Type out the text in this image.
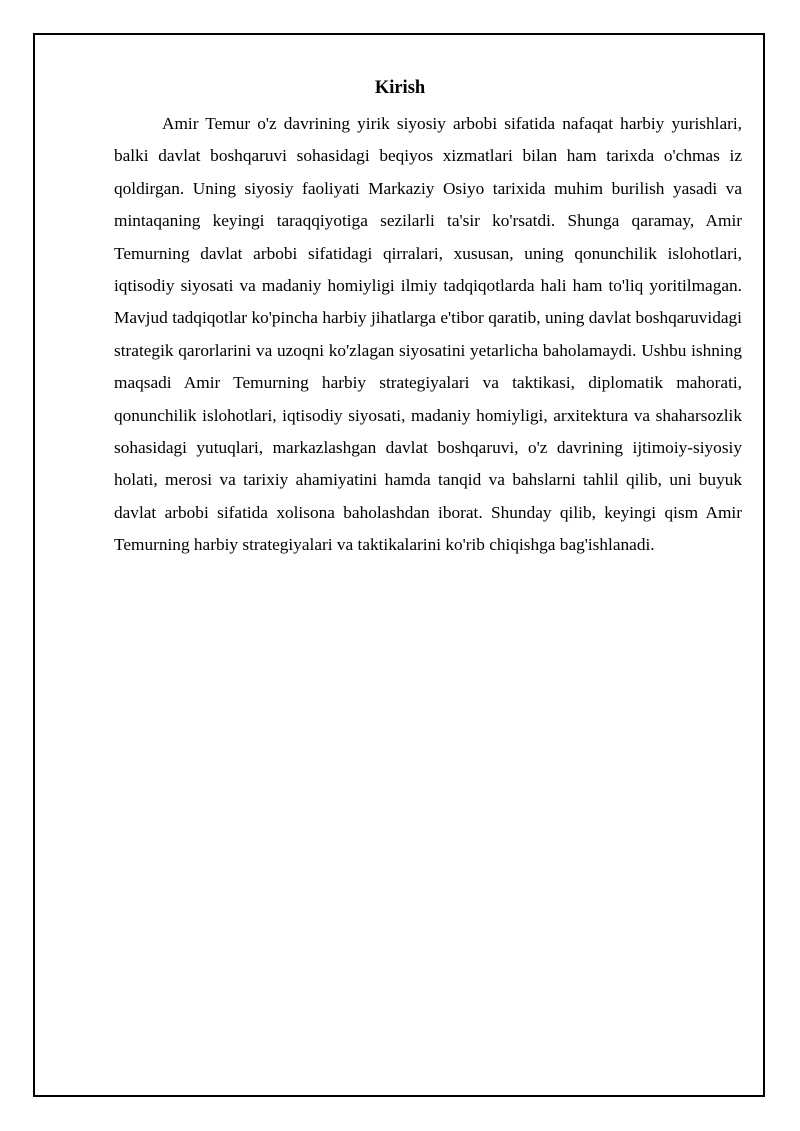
Kirish

Amir Temur o'z davrining yirik siyosiy arbobi sifatida nafaqat harbiy yurishlari, balki davlat boshqaruvi sohasidagi beqiyos xizmatlari bilan ham tarixda o'chmas iz qoldirgan. Uning siyosiy faoliyati Markaziy Osiyo tarixida muhim burilish yasadi va mintaqaning keyingi taraqqiyotiga sezilarli ta'sir ko'rsatdi. Shunga qaramay, Amir Temurning davlat arbobi sifatidagi qirralari, xususan, uning qonunchilik islohotlari, iqtisodiy siyosati va madaniy homiyligi ilmiy tadqiqotlarda hali ham to'liq yoritilmagan. Mavjud tadqiqotlar ko'pincha harbiy jihatlarga e'tibor qaratib, uning davlat boshqaruvidagi strategik qarorlarini va uzoqni ko'zlagan siyosatini yetarlicha baholamaydi. Ushbu ishning maqsadi Amir Temurning harbiy strategiyalari va taktikasi, diplomatik mahorati, qonunchilik islohotlari, iqtisodiy siyosati, madaniy homiyligi, arxitektura va shaharsozlik sohasidagi yutuqlari, markazlashgan davlat boshqaruvi, o'z davrining ijtimoiy-siyosiy holati, merosi va tarixiy ahamiyatini hamda tanqid va bahslarni tahlil qilib, uni buyuk davlat arbobi sifatida xolisona baholashdan iborat. Shunday qilib, keyingi qism Amir Temurning harbiy strategiyalari va taktikalarini ko'rib chiqishga bag'ishlanadi.
